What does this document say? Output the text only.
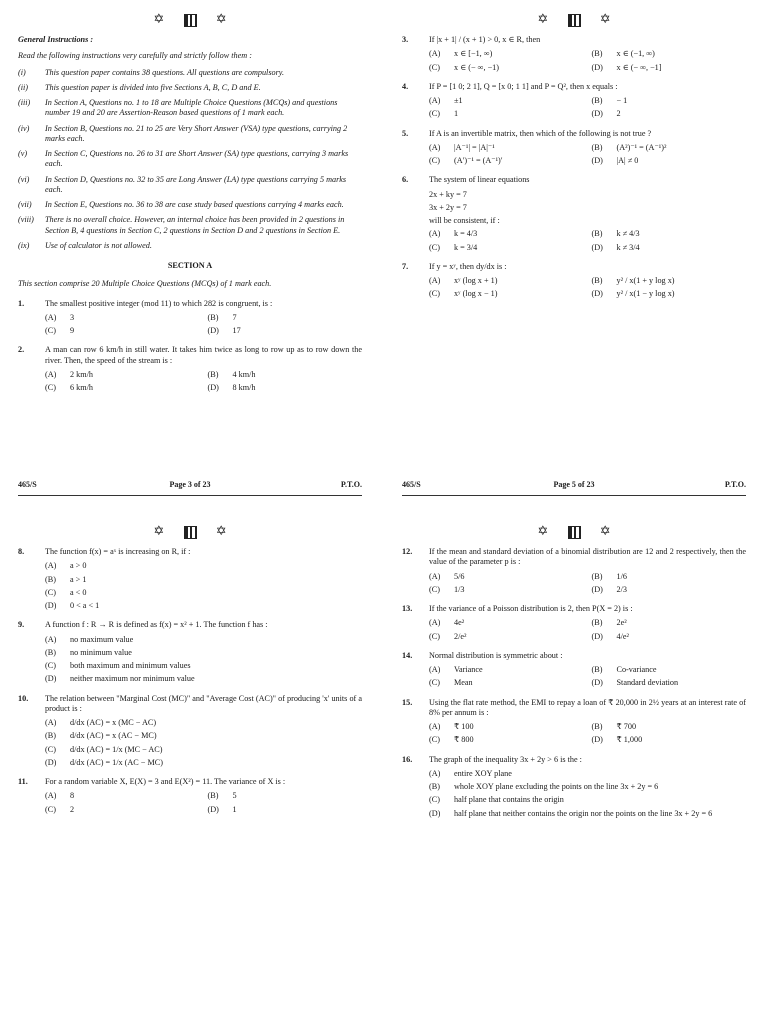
✡	✡
General Instructions :
Read the following instructions very carefully and strictly follow them :
(i)	This question paper contains 38 questions. All questions are compulsory.
(ii)	This question paper is divided into five Sections A, B, C, D and E.
(iii)	In Section A, Questions no. 1 to 18 are Multiple Choice Questions (MCQs) and questions number 19 and 20 are Assertion-Reason based questions of 1 mark each.
(iv)	In Section B, Questions no. 21 to 25 are Very Short Answer (VSA) type questions, carrying 2 marks each.
(v)	In Section C, Questions no. 26 to 31 are Short Answer (SA) type questions, carrying 3 marks each.
(vi)	In Section D, Questions no. 32 to 35 are Long Answer (LA) type questions carrying 5 marks each.
(vii)	In Section E, Questions no. 36 to 38 are case study based questions carrying 4 marks each.
(viii)	There is no overall choice. However, an internal choice has been provided in 2 questions in Section B, 4 questions in Section C, 2 questions in Section D and 2 questions in Section E.
(ix)	Use of calculator is not allowed.
SECTION A
This section comprise 20 Multiple Choice Questions (MCQs) of 1 mark each.
1.	The smallest positive integer (mod 11) to which 282 is congruent, is :
(A)	3	(B)	7
(C)	9	(D)	17
2.	A man can row 6 km/h in still water. It takes him twice as long to row up as to row down the river. Then, the speed of the stream is :
(A)	2 km/h	(B)	4 km/h
(C)	6 km/h	(D)	8 km/h
465/S	Page 3 of 23	P.T.O.
✡	✡
3.	If |x + 1| / (x + 1) > 0, x ∈ R, then
(A)	x ∈ [−1, ∞)	(B)	x ∈ (−1, ∞)
(C)	x ∈ (− ∞, −1)	(D)	x ∈ (− ∞, −1]
4.	If P = [1 0; 2 1], Q = [x 0; 1 1] and P = Q², then x equals :
(A)	±1	(B)	− 1
(C)	1	(D)	2
5.	If A is an invertible matrix, then which of the following is not true ?
(A)	|A⁻¹| = |A|⁻¹	(B)	(A²)⁻¹ = (A⁻¹)²
(C)	(A′)⁻¹ = (A⁻¹)′	(D)	|A| ≠ 0
6.	The system of linear equations
2x + ky = 7
3x + 2y = 7
will be consistent, if :
(A)	k = 4/3	(B)	k ≠ 4/3
(C)	k = 3/4	(D)	k ≠ 3/4
7.	If y = xʸ, then dy/dx is :
(A)	xʸ (log x + 1)	(B)	y² / x(1 + y log x)
(C)	xʸ (log x − 1)	(D)	y² / x(1 − y log x)
465/S	Page 5 of 23	P.T.O.
✡	✡
8.	The function f(x) = aˣ is increasing on R, if :
(A)	a > 0
(B)	a > 1
(C)	a < 0
(D)	0 < a < 1
9.	A function f : R → R is defined as f(x) = x² + 1. The function f has :
(A)	no maximum value
(B)	no minimum value
(C)	both maximum and minimum values
(D)	neither maximum nor minimum value
10.	The relation between "Marginal Cost (MC)" and "Average Cost (AC)" of producing 'x' units of a product is :
(A)	d/dx (AC) = x (MC − AC)
(B)	d/dx (AC) = x (AC − MC)
(C)	d/dx (AC) = 1/x (MC − AC)
(D)	d/dx (AC) = 1/x (AC − MC)
11.	For a random variable X, E(X) = 3 and E(X²) = 11. The variance of X is :
(A)	8	(B)	5
(C)	2	(D)	1
✡	✡
12.	If the mean and standard deviation of a binomial distribution are 12 and 2 respectively, then the value of the parameter p is :
(A)	5/6	(B)	1/6
(C)	1/3	(D)	2/3
13.	If the variance of a Poisson distribution is 2, then P(X = 2) is :
(A)	4e²	(B)	2e²
(C)	2/e²	(D)	4/e²
14.	Normal distribution is symmetric about :
(A)	Variance	(B)	Co-variance
(C)	Mean	(D)	Standard deviation
15.	Using the flat rate method, the EMI to repay a loan of ₹ 20,000 in 2½ years at an interest rate of 8% per annum is :
(A)	₹ 100	(B)	₹ 700
(C)	₹ 800	(D)	₹ 1,000
16.	The graph of the inequality 3x + 2y > 6 is the :
(A)	entire XOY plane
(B)	whole XOY plane excluding the points on the line 3x + 2y = 6
(C)	half plane that contains the origin
(D)	half plane that neither contains the origin nor the points on the line 3x + 2y = 6
